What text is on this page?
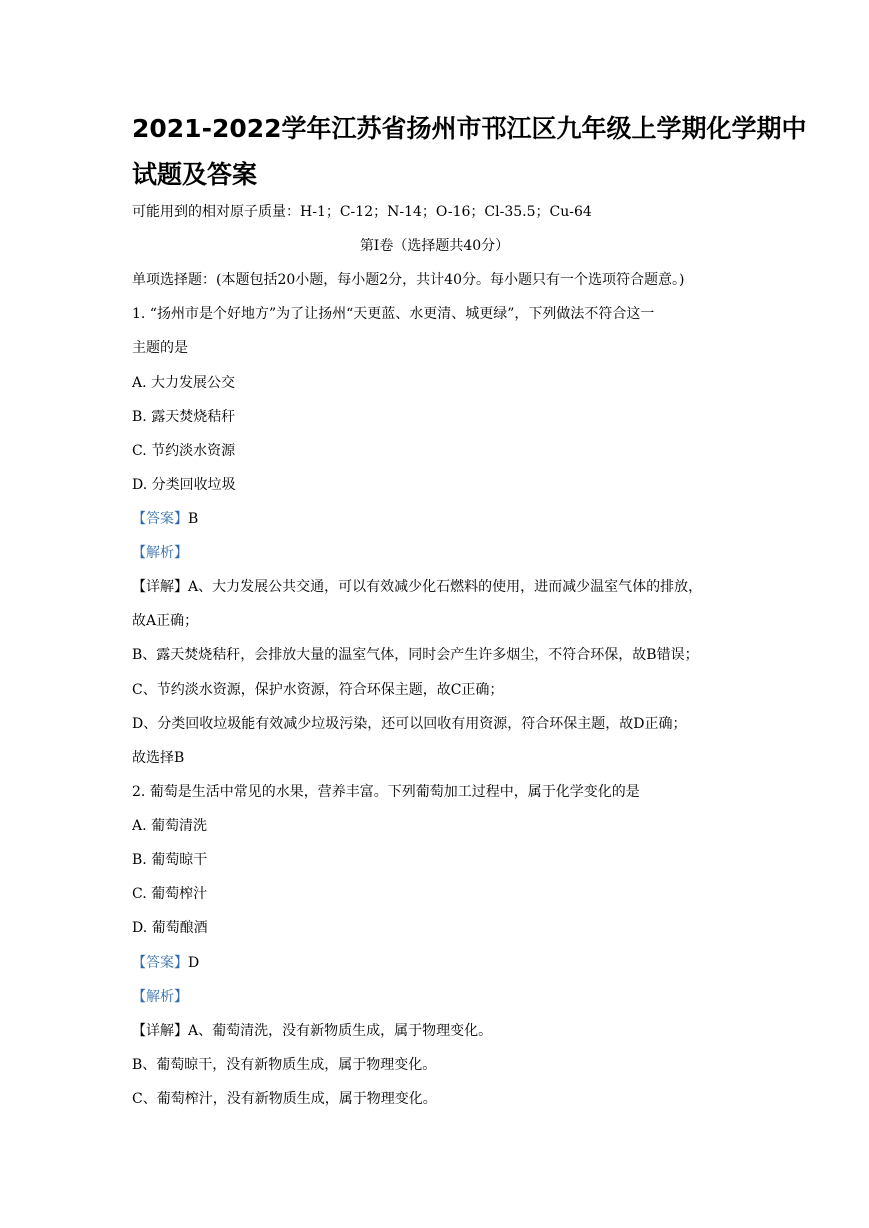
2021-2022学年江苏省扬州市邗江区九年级上学期化学期中
试题及答案
可能用到的相对原子质量：H-1；C-12；N-14；O-16；Cl-35.5；Cu-64
第Ⅰ卷（选择题共40分）
单项选择题：(本题包括20小题，每小题2分，共计40分。每小题只有一个选项符合题意。)
1. “扬州市是个好地方”为了让扬州“天更蓝、水更清、城更绿”，下列做法不符合这一
主题的是
A. 大力发展公交
B. 露天焚烧秸秆
C. 节约淡水资源
D. 分类回收垃圾
【答案】B
【解析】
【详解】A、大力发展公共交通，可以有效减少化石燃料的使用，进而减少温室气体的排放，
故A正确；
B、露天焚烧秸秆，会排放大量的温室气体，同时会产生许多烟尘，不符合环保，故B错误；
C、节约淡水资源，保护水资源，符合环保主题，故C正确；
D、分类回收垃圾能有效减少垃圾污染，还可以回收有用资源，符合环保主题，故D正确；
故选择B
2. 葡萄是生活中常见的水果，营养丰富。下列葡萄加工过程中，属于化学变化的是
A. 葡萄清洗
B. 葡萄晾干
C. 葡萄榨汁
D. 葡萄酿酒
【答案】D
【解析】
【详解】A、葡萄清洗，没有新物质生成，属于物理变化。
B、葡萄晾干，没有新物质生成，属于物理变化。
C、葡萄榨汁，没有新物质生成，属于物理变化。
